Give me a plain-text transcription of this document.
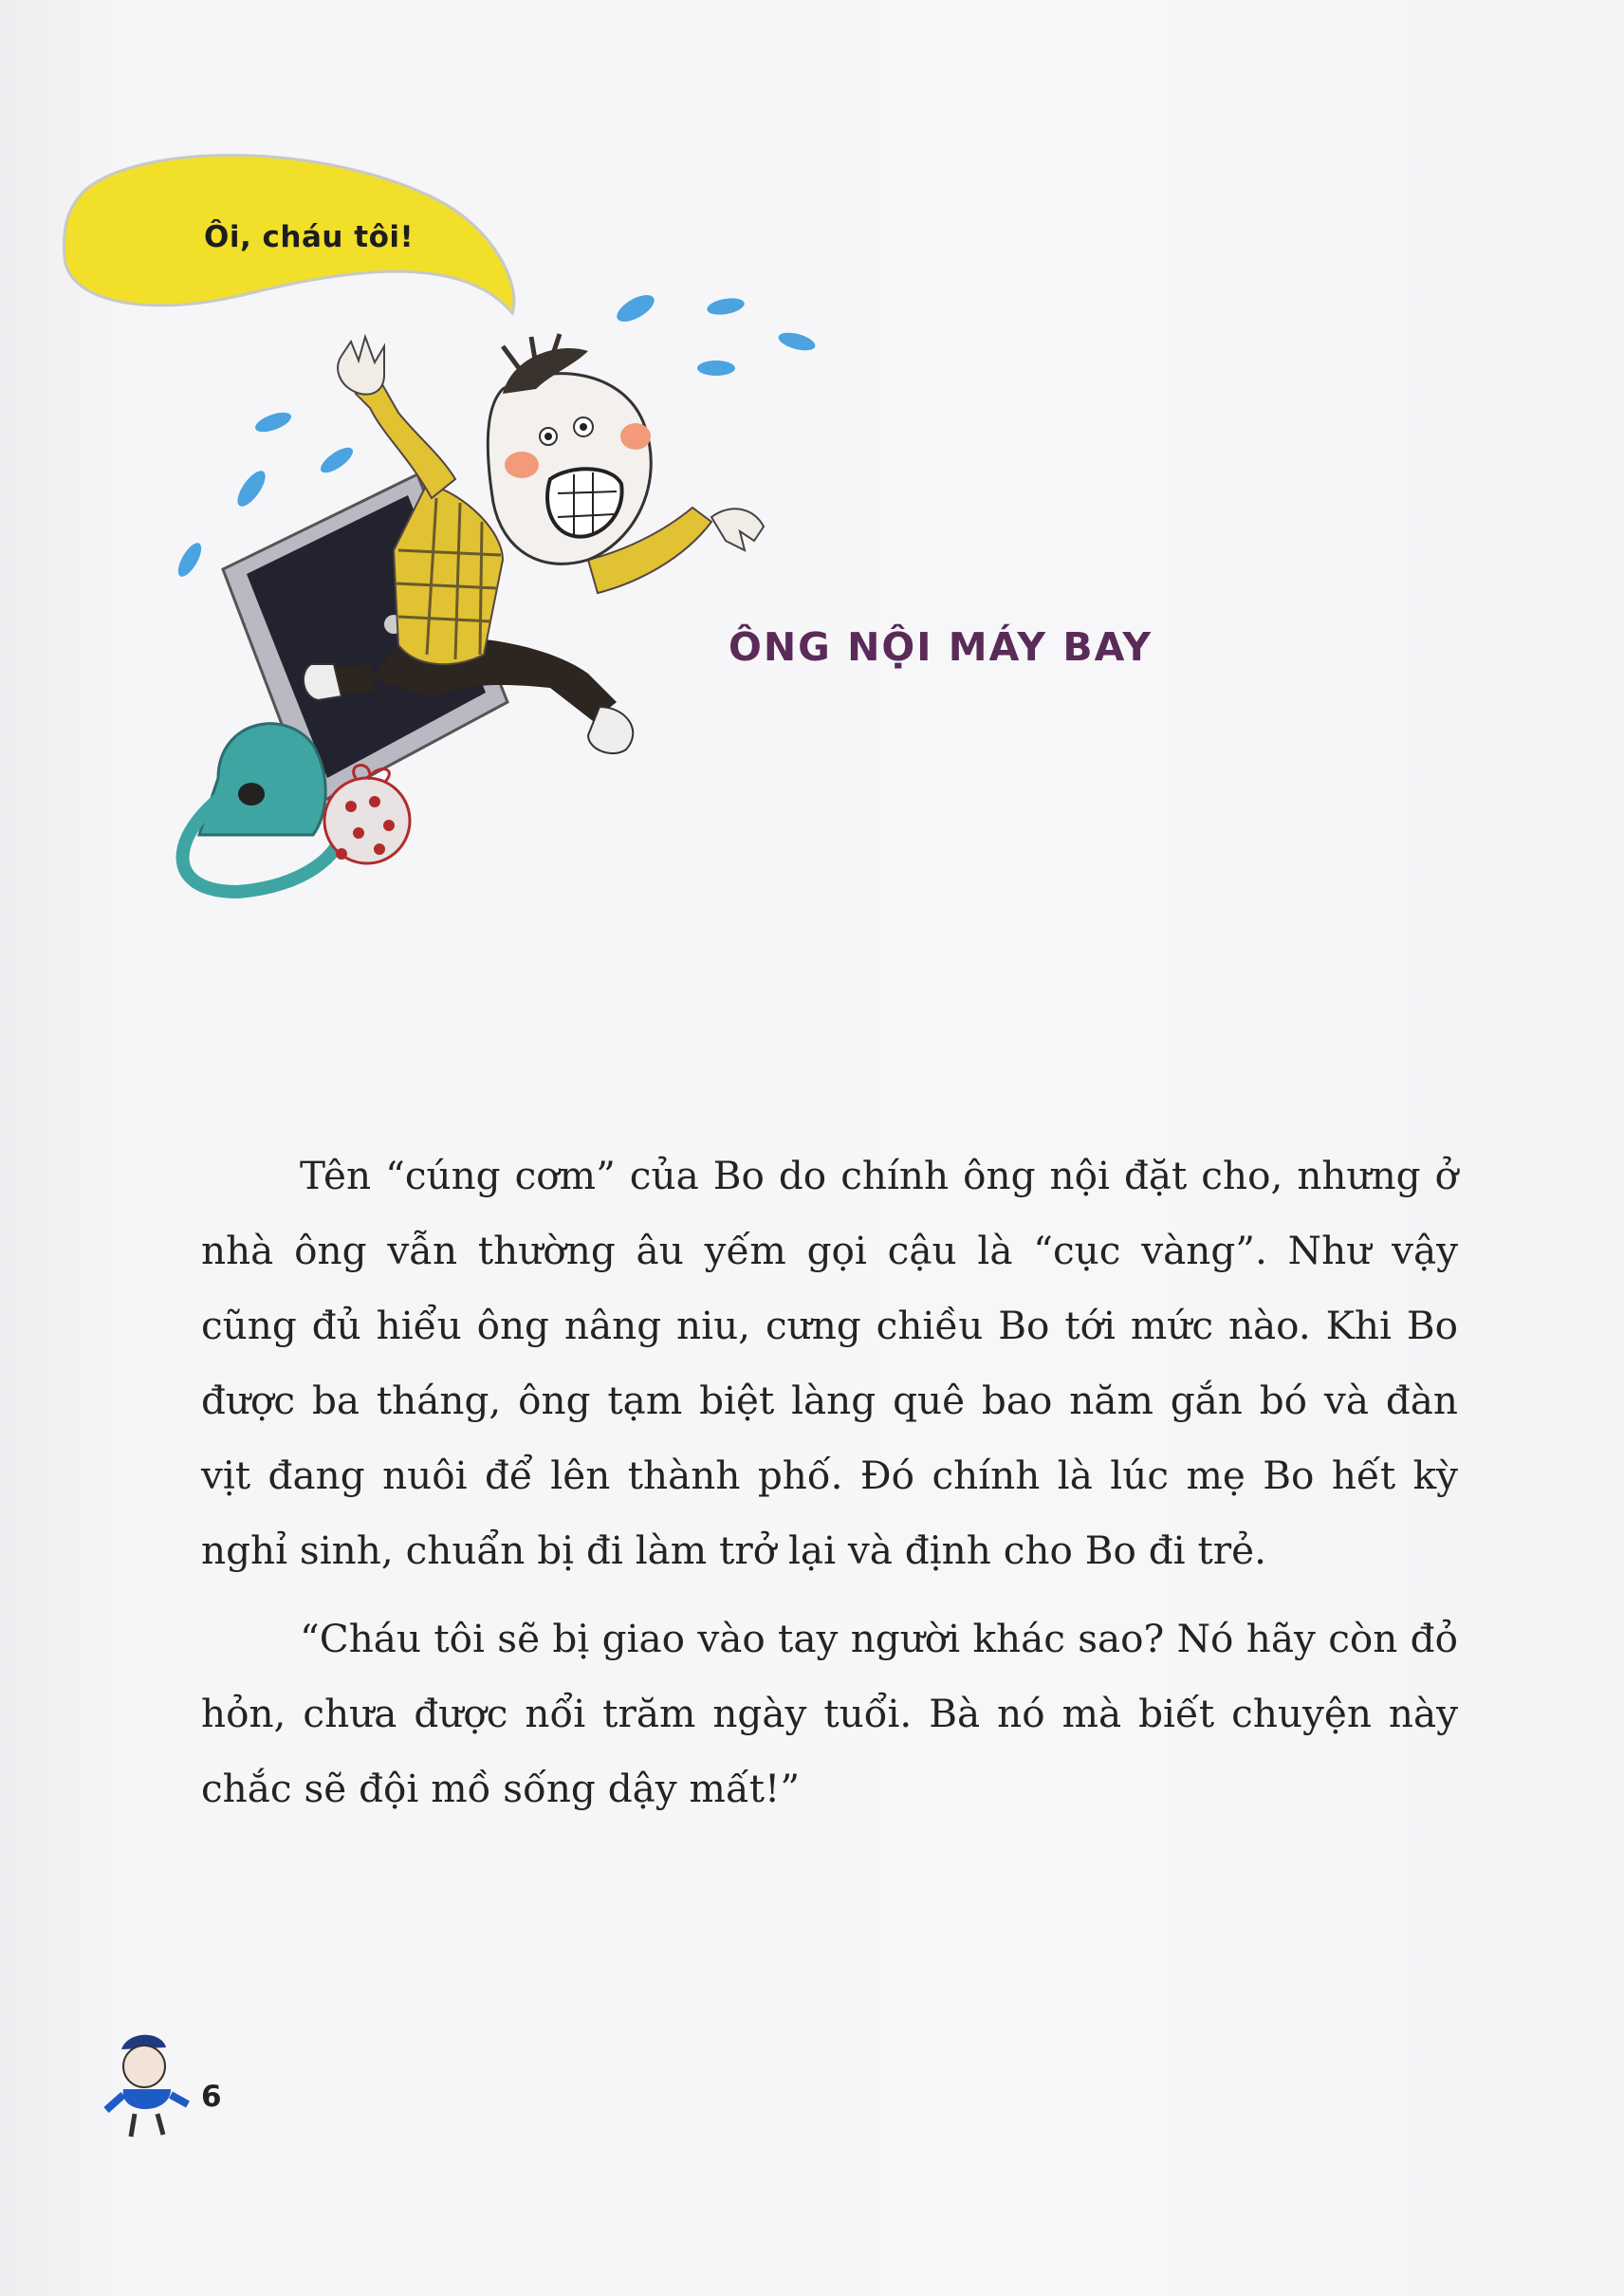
Ôi, cháu tôi!
ÔNG NỘI MÁY BAY

Tên “cúng cơm” của Bo do chính ông nội đặt cho, nhưng ở nhà ông vẫn thường âu yếm gọi cậu là “cục vàng”. Như vậy cũng đủ hiểu ông nâng niu, cưng chiều Bo tới mức nào. Khi Bo được ba tháng, ông tạm biệt làng quê bao năm gắn bó và đàn vịt đang nuôi để lên thành phố. Đó chính là lúc mẹ Bo hết kỳ nghỉ sinh, chuẩn bị đi làm trở lại và định cho Bo đi trẻ.

“Cháu tôi sẽ bị giao vào tay người khác sao? Nó hãy còn đỏ hỏn, chưa được nổi trăm ngày tuổi. Bà nó mà biết chuyện này chắc sẽ đội mồ sống dậy mất!”

6
